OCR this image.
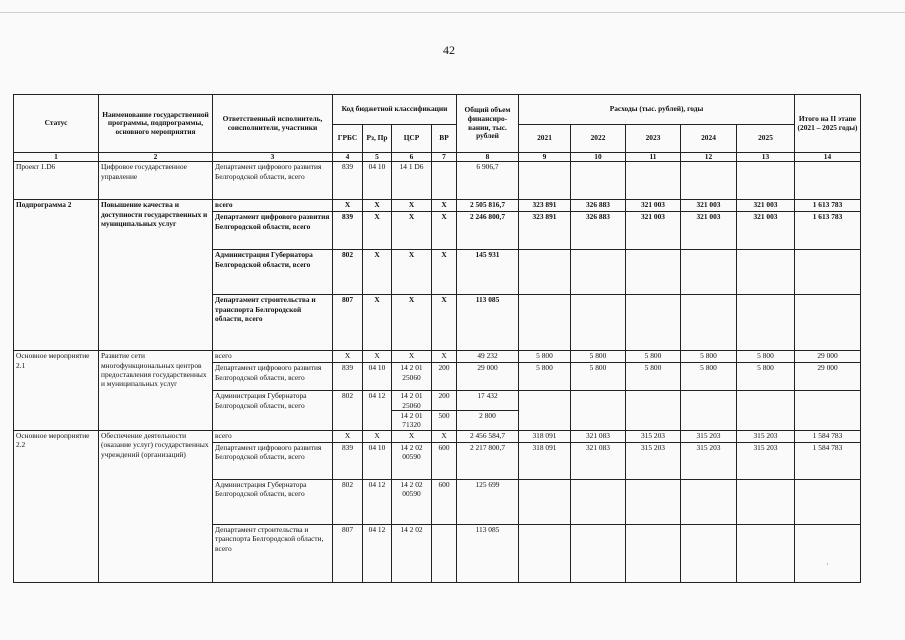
42
Статус	Наименование государственной программы, подпрограммы, основного мероприятия	Ответственный исполнитель, соисполнители, участники	Код бюджетной классификации				Общий объем финансиро-вании, тыс. рублей	Расходы (тыс. рублей), годы					Итого на II этапе (2021 – 2025 годы)
			ГРБС	Рз, Пр	ЦСР	ВР		2021	2022	2023	2024	2025	
1	2	3	4	5	6	7	8	9	10	11	12	13	14
Проект 1.D6	Цифровое государственное управление	Департамент цифрового развития Белгородской области, всего	839	04 10	14 1 D6		6 906,7						
Подпрограмма 2	Повышение качества и доступности государственных и муниципальных услуг	всего	Х	Х	Х	Х	2 505 816,7	323 891	326 883	321 003	321 003	321 003	1 613 783
		Департамент цифрового развития Белгородской области, всего	839	Х	Х	Х	2 246 800,7	323 891	326 883	321 003	321 003	321 003	1 613 783
		Администрация Губернатора Белгородской области, всего	802	Х	Х	Х	145 931						
		Департамент строительства и транспорта Белгородской области, всего	807	Х	Х	Х	113 085						
Основное мероприятие 2.1	Развитие сети многофункциональных центров предоставления государственных и муниципальных услуг	всего	Х	Х	Х	Х	49 232	5 800	5 800	5 800	5 800	5 800	29 000
		Департамент цифрового развития Белгородской области, всего	839	04 10	14 2 01 25060	200	29 000	5 800	5 800	5 800	5 800	5 800	29 000
		Администрация Губернатора Белгородской области, всего	802	04 12	14 2 01 25060	200	17 432						
					14 2 01 71320	500	2 800						
Основное мероприятие 2.2	Обеспечение деятельности (оказание услуг) государственных учреждений (организаций)	всего	Х	Х	Х	Х	2 456 584,7	318 091	321 083	315 203	315 203	315 203	1 584 783
		Департамент цифрового развития Белгородской области, всего	839	04 10	14 2 02 00590	600	2 217 800,7	318 091	321 083	315 203	315 203	315 203	1 584 783
		Администрация Губернатора Белгородской области, всего	802	04 12	14 2 02 00590	600	125 699						
		Департамент строительства и транспорта Белгородской области, всего	807	04 12	14 2 02		113 085						
·
